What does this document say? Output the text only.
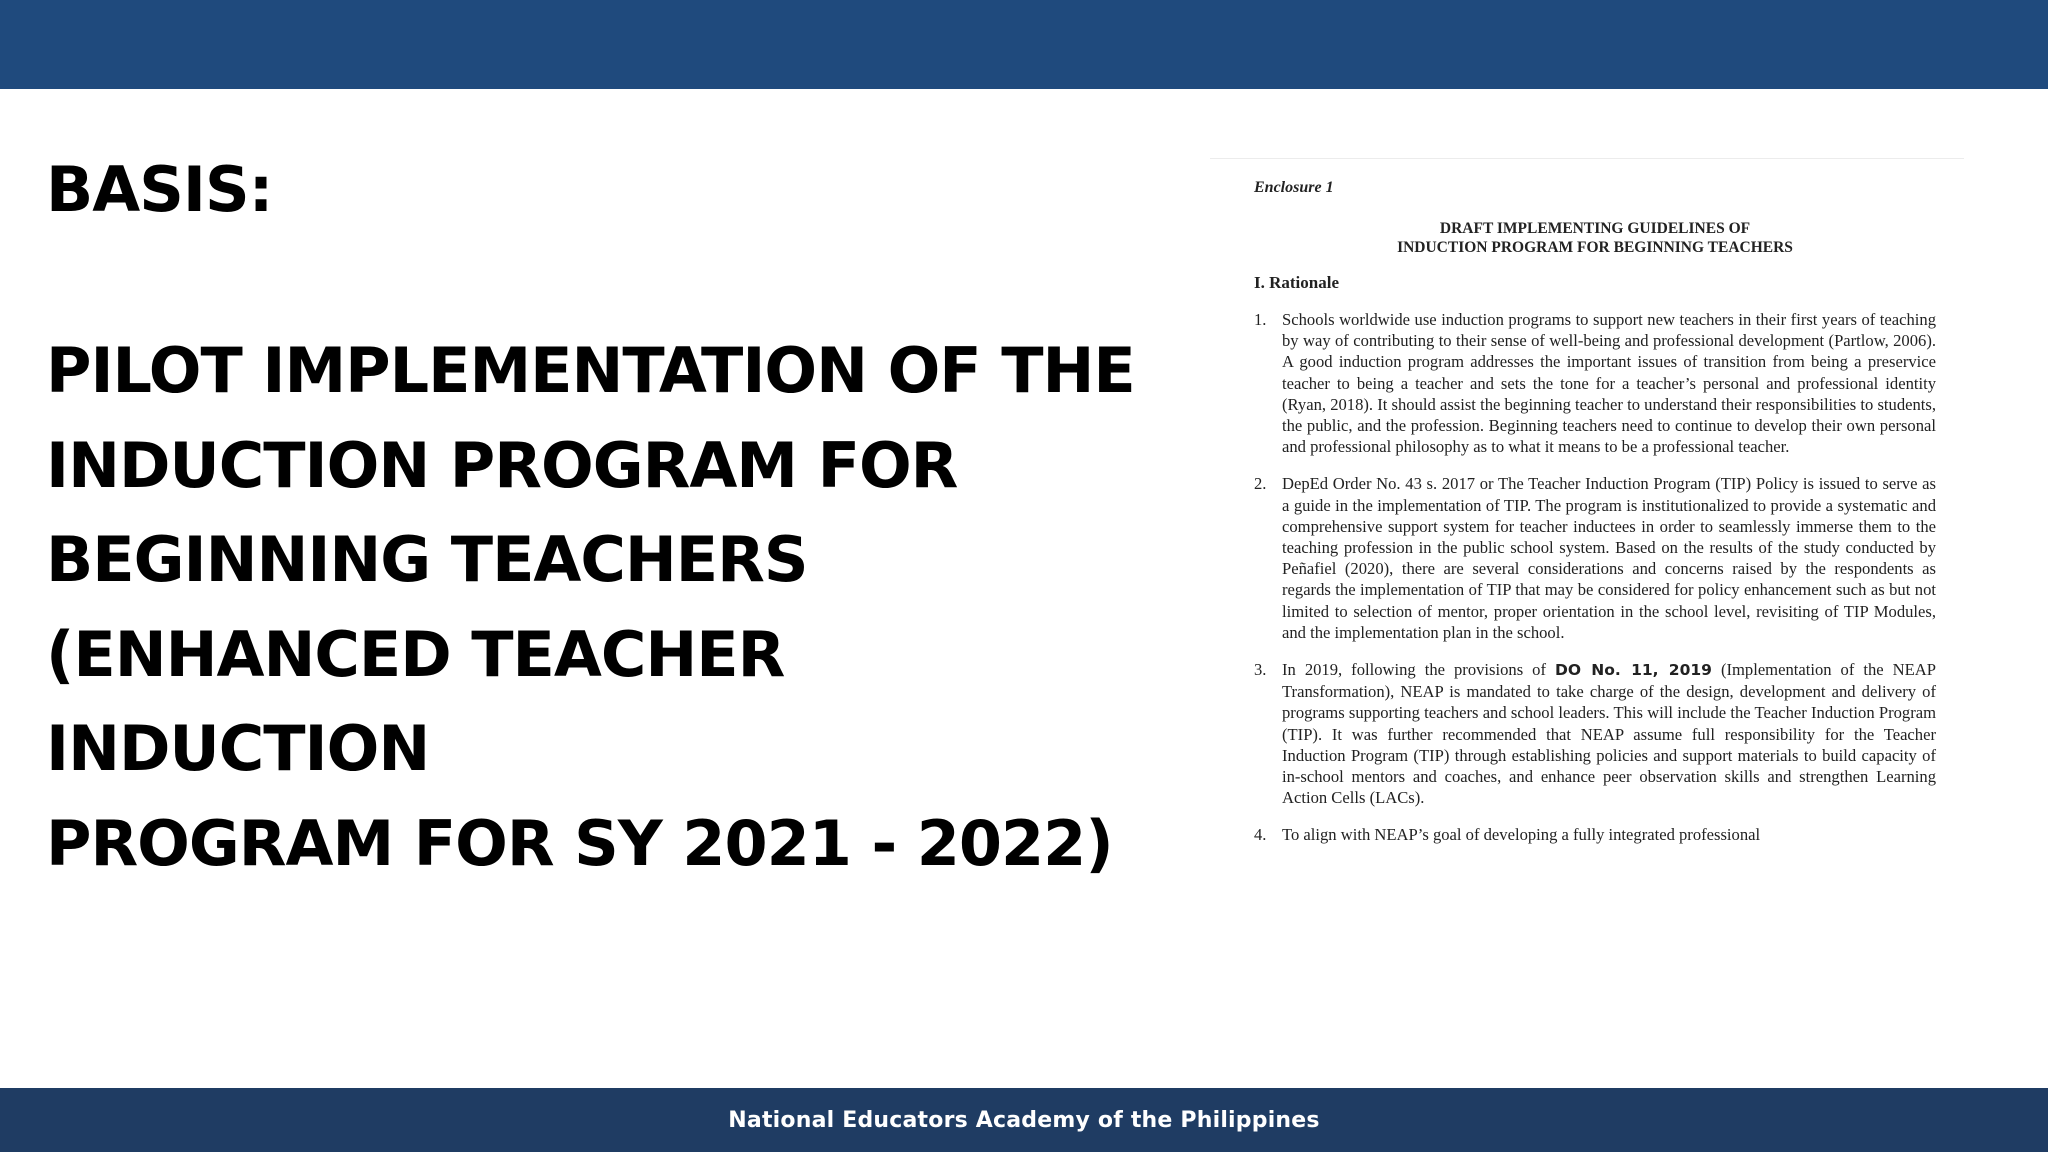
BASIS:
PILOT IMPLEMENTATION OF THE
INDUCTION PROGRAM FOR
BEGINNING TEACHERS
(ENHANCED TEACHER
INDUCTION
PROGRAM FOR SY 2021 - 2022)
Enclosure 1
DRAFT IMPLEMENTING GUIDELINES OF
INDUCTION PROGRAM FOR BEGINNING TEACHERS
I. Rationale
1. Schools worldwide use induction programs to support new teachers in their first years of teaching by way of contributing to their sense of well-being and professional development (Partlow, 2006). A good induction program addresses the important issues of transition from being a preservice teacher to being a teacher and sets the tone for a teacher’s personal and professional identity (Ryan, 2018). It should assist the beginning teacher to understand their responsibilities to students, the public, and the profession. Beginning teachers need to continue to develop their own personal and professional philosophy as to what it means to be a professional teacher.
2. DepEd Order No. 43 s. 2017 or The Teacher Induction Program (TIP) Policy is issued to serve as a guide in the implementation of TIP. The program is institutionalized to provide a systematic and comprehensive support system for teacher inductees in order to seamlessly immerse them to the teaching profession in the public school system. Based on the results of the study conducted by Peñafiel (2020), there are several considerations and concerns raised by the respondents as regards the implementation of TIP that may be considered for policy enhancement such as but not limited to selection of mentor, proper orientation in the school level, revisiting of TIP Modules, and the implementation plan in the school.
3. In 2019, following the provisions of DO No. 11, 2019 (Implementation of the NEAP Transformation), NEAP is mandated to take charge of the design, development and delivery of programs supporting teachers and school leaders. This will include the Teacher Induction Program (TIP). It was further recommended that NEAP assume full responsibility for the Teacher Induction Program (TIP) through establishing policies and support materials to build capacity of in-school mentors and coaches, and enhance peer observation skills and strengthen Learning Action Cells (LACs).
4. To align with NEAP’s goal of developing a fully integrated professional
National Educators Academy of the Philippines
